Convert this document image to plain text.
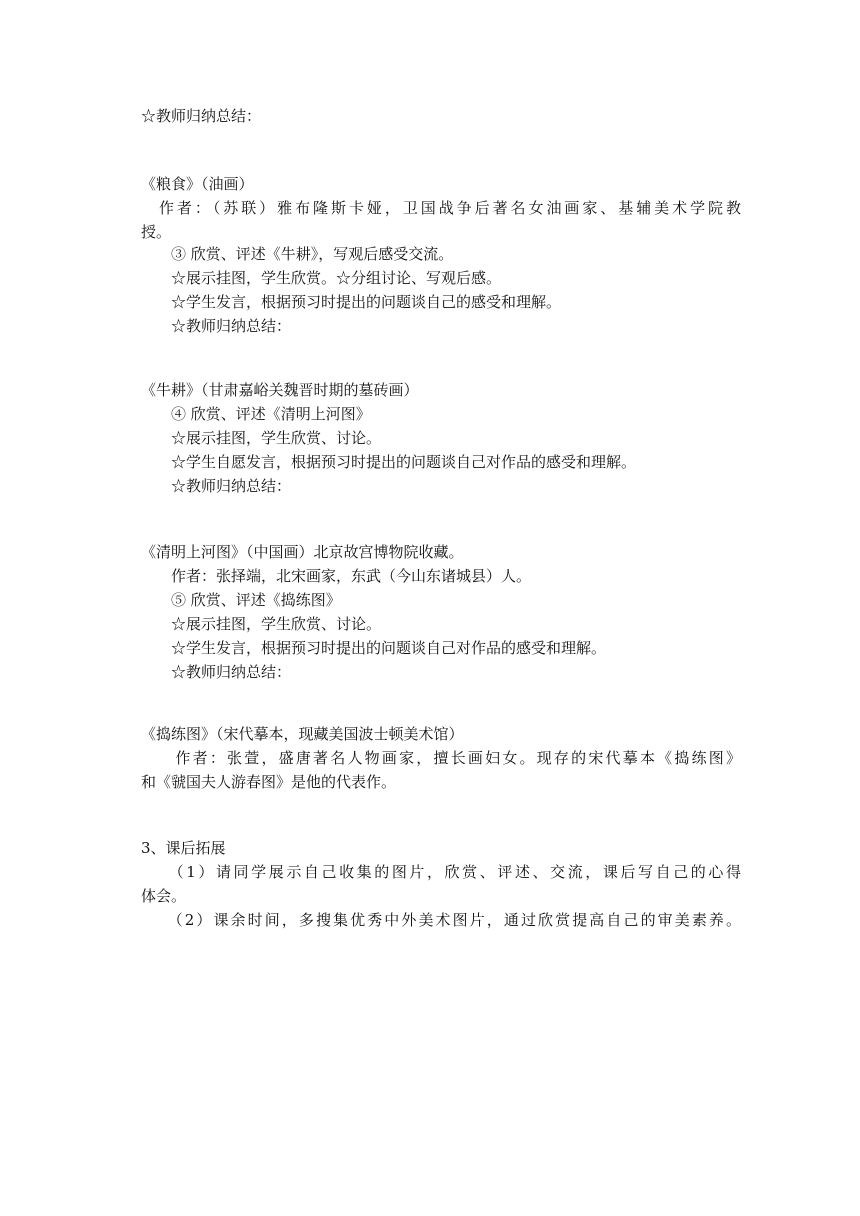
☆教师归纳总结：
《粮食》（油画）
　作者：（苏联）雅布隆斯卡娅，卫国战争后著名女油画家、基辅美术学院教
授。
　　③ 欣赏、评述《牛耕》，写观后感受交流。
　　☆展示挂图，学生欣赏。☆分组讨论、写观后感。
　　☆学生发言，根据预习时提出的问题谈自己的感受和理解。
　　☆教师归纳总结：
《牛耕》（甘肃嘉峪关魏晋时期的墓砖画）
　　④ 欣赏、评述《清明上河图》
　　☆展示挂图，学生欣赏、讨论。
　　☆学生自愿发言，根据预习时提出的问题谈自己对作品的感受和理解。
　　☆教师归纳总结：
《清明上河图》（中国画）北京故宫博物院收藏。
　　作者：张择端，北宋画家，东武（今山东诸城县）人。
　　⑤ 欣赏、评述《捣练图》
　　☆展示挂图，学生欣赏、讨论。
　　☆学生发言，根据预习时提出的问题谈自己对作品的感受和理解。
　　☆教师归纳总结：
《捣练图》（宋代摹本，现藏美国波士顿美术馆）
　　作者：张萱，盛唐著名人物画家，擅长画妇女。现存的宋代摹本《捣练图》
和《虢国夫人游春图》是他的代表作。
3、课后拓展
　　（1）请同学展示自己收集的图片，欣赏、评述、交流，课后写自己的心得
体会。
　　（2）课余时间，多搜集优秀中外美术图片，通过欣赏提高自己的审美素养。
